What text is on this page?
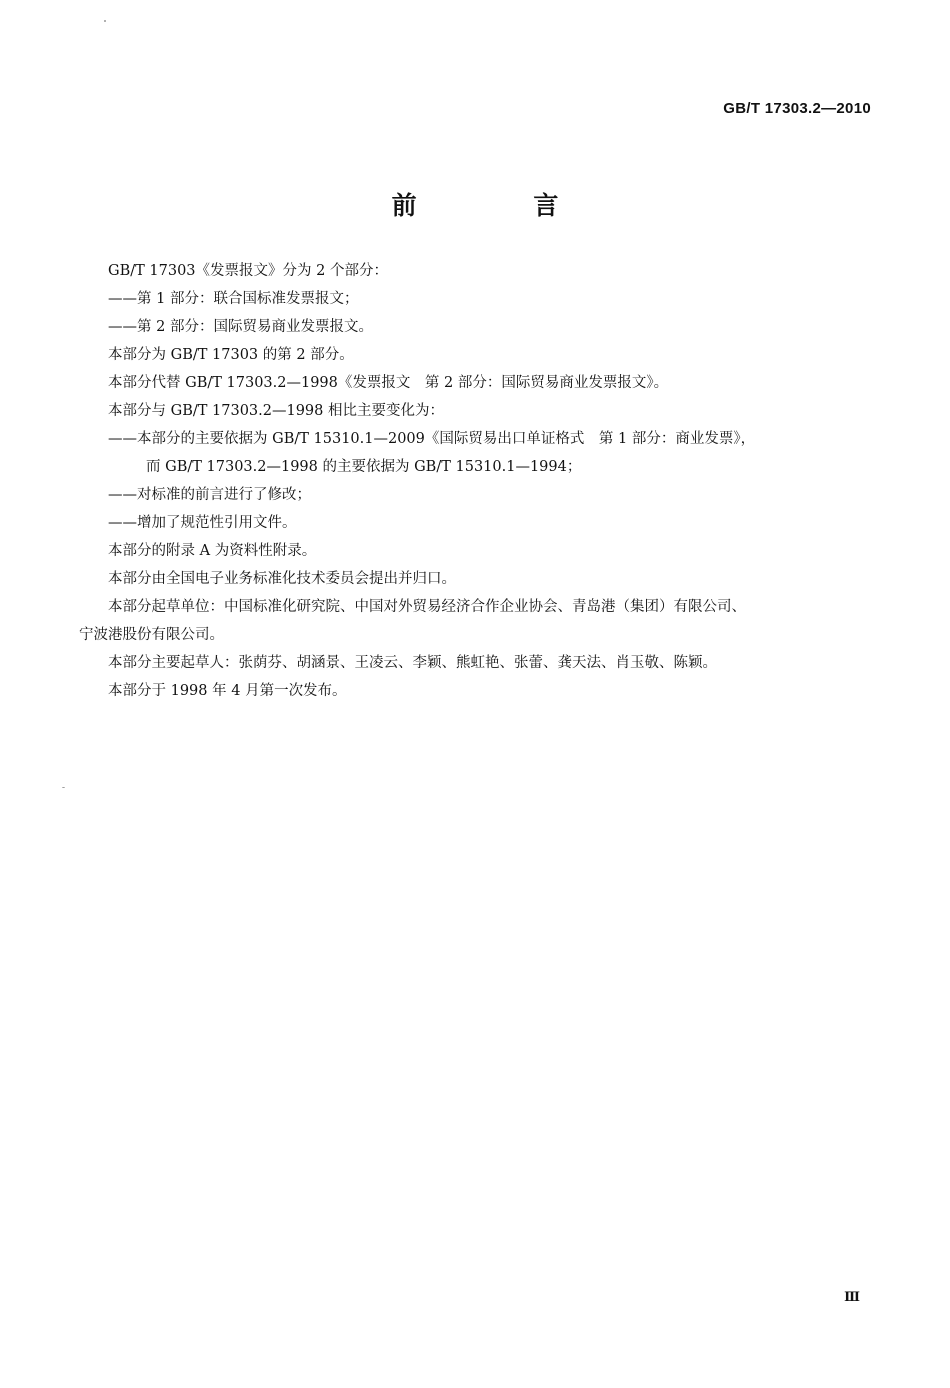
GB/T 17303.2—2010
前 言
GB/T 17303《发票报文》分为 2 个部分：
——第 1 部分：联合国标准发票报文；
——第 2 部分：国际贸易商业发票报文。
本部分为 GB/T 17303 的第 2 部分。
本部分代替 GB/T 17303.2—1998《发票报文　第 2 部分：国际贸易商业发票报文》。
本部分与 GB/T 17303.2—1998 相比主要变化为：
——本部分的主要依据为 GB/T 15310.1—2009《国际贸易出口单证格式　第 1 部分：商业发票》，
而 GB/T 17303.2—1998 的主要依据为 GB/T 15310.1—1994；
——对标准的前言进行了修改；
——增加了规范性引用文件。
本部分的附录 A 为资料性附录。
本部分由全国电子业务标准化技术委员会提出并归口。
本部分起草单位：中国标准化研究院、中国对外贸易经济合作企业协会、青岛港（集团）有限公司、
宁波港股份有限公司。
本部分主要起草人：张荫芬、胡涵景、王凌云、李颖、熊虹艳、张蕾、龚天法、肖玉敬、陈颖。
本部分于 1998 年 4 月第一次发布。
Ⅲ
